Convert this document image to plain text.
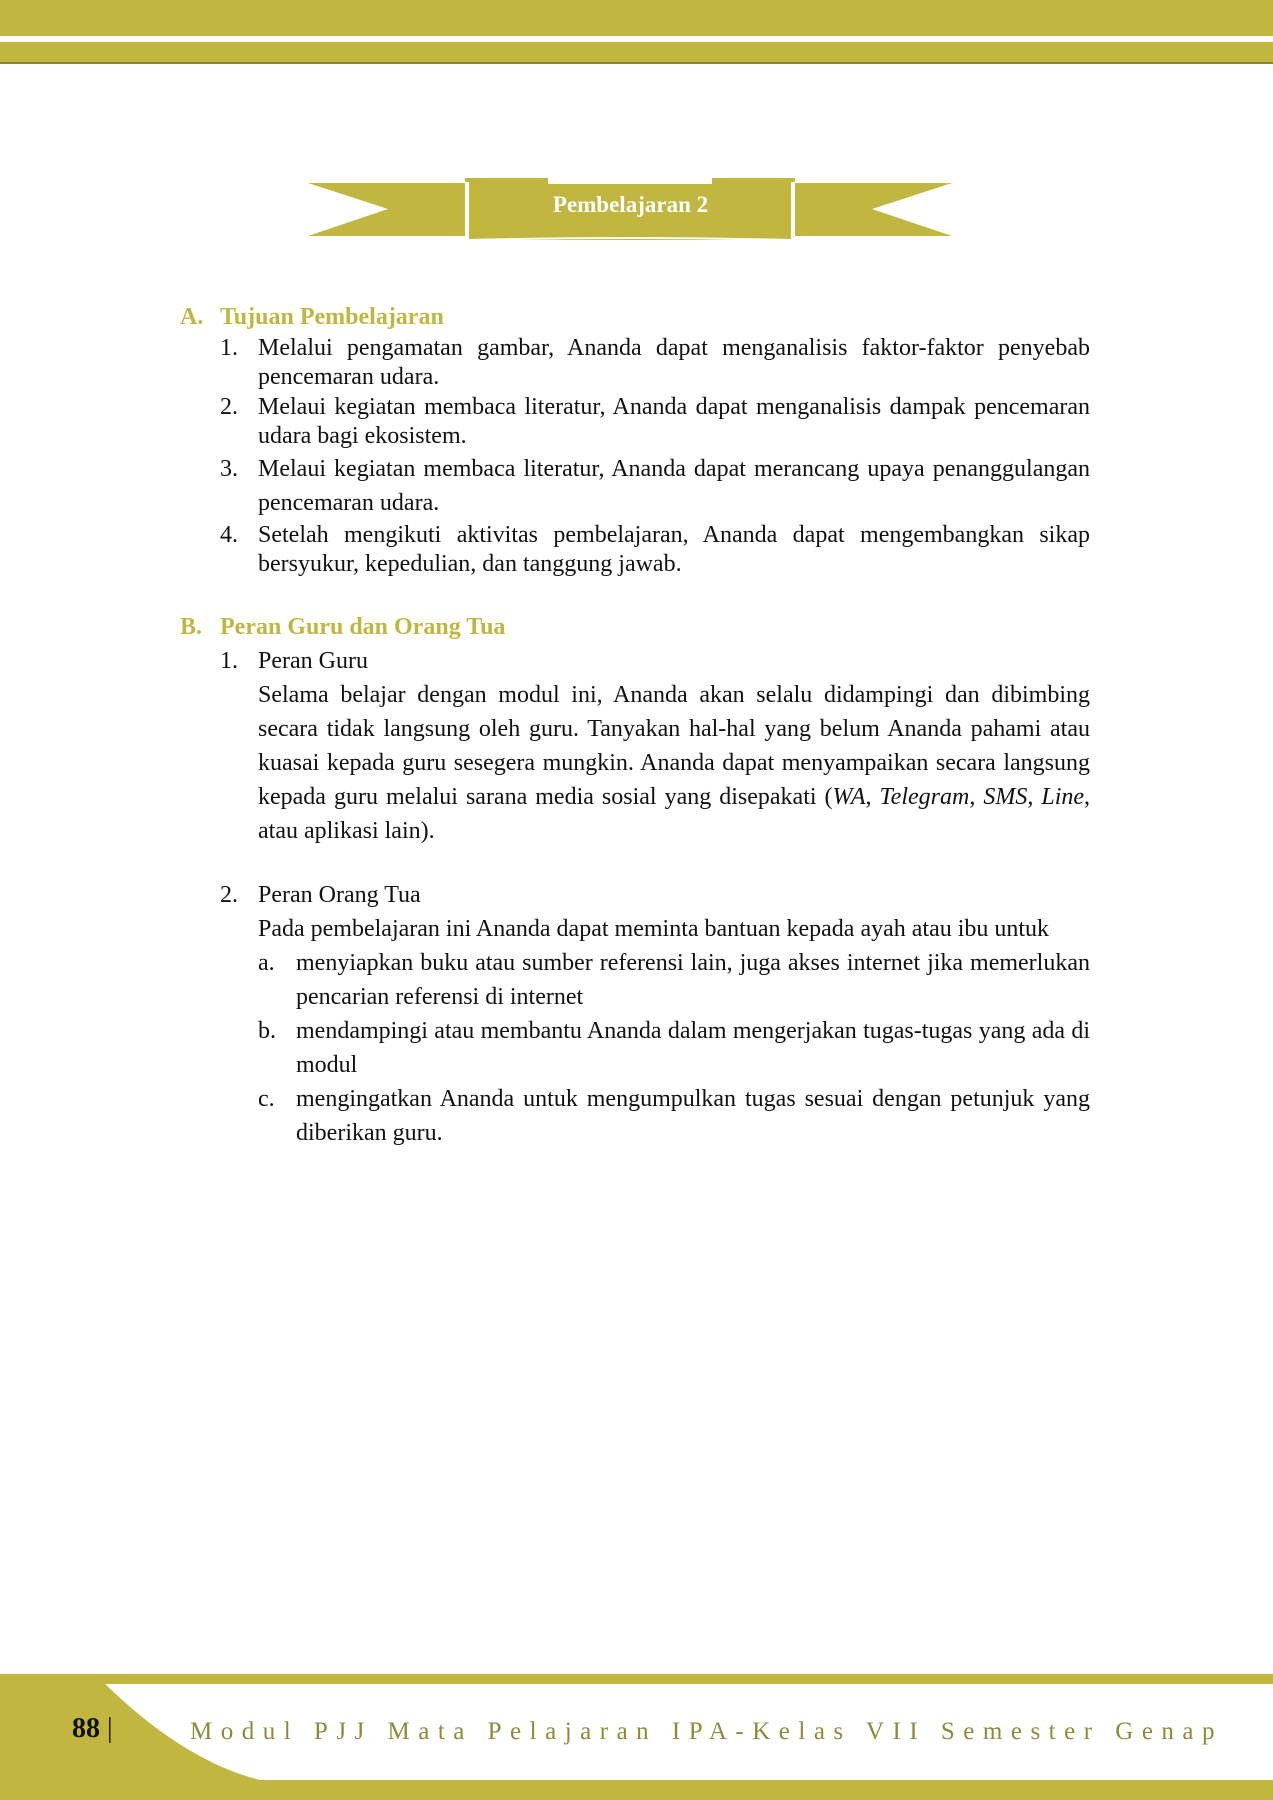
Pembelajaran 2
A. Tujuan Pembelajaran
1. Melalui pengamatan gambar, Ananda dapat menganalisis faktor-faktor penyebab pencemaran udara.
2. Melaui kegiatan membaca literatur, Ananda dapat menganalisis dampak pencemaran udara bagi ekosistem.
3. Melaui kegiatan membaca literatur, Ananda dapat merancang upaya penanggulangan pencemaran udara.
4. Setelah mengikuti aktivitas pembelajaran, Ananda dapat mengembangkan sikap bersyukur, kepedulian, dan tanggung jawab.
B. Peran Guru dan Orang Tua
1. Peran Guru

Selama belajar dengan modul ini, Ananda akan selalu didampingi dan dibimbing secara tidak langsung oleh guru. Tanyakan hal-hal yang belum Ananda pahami atau kuasai kepada guru sesegera mungkin. Ananda dapat menyampaikan secara langsung kepada guru melalui sarana media sosial yang disepakati (WA, Telegram, SMS, Line, atau aplikasi lain).

2. Peran Orang Tua

Pada pembelajaran ini Ananda dapat meminta bantuan kepada ayah atau ibu untuk

a. menyiapkan buku atau sumber referensi lain, juga akses internet jika memerlukan pencarian referensi di internet
b. mendampingi atau membantu Ananda dalam mengerjakan tugas-tugas yang ada di modul
c. mengingatkan Ananda untuk mengumpulkan tugas sesuai dengan petunjuk yang diberikan guru.
88 |	Modul PJJ Mata Pelajaran IPA-Kelas VII Semester Genap
